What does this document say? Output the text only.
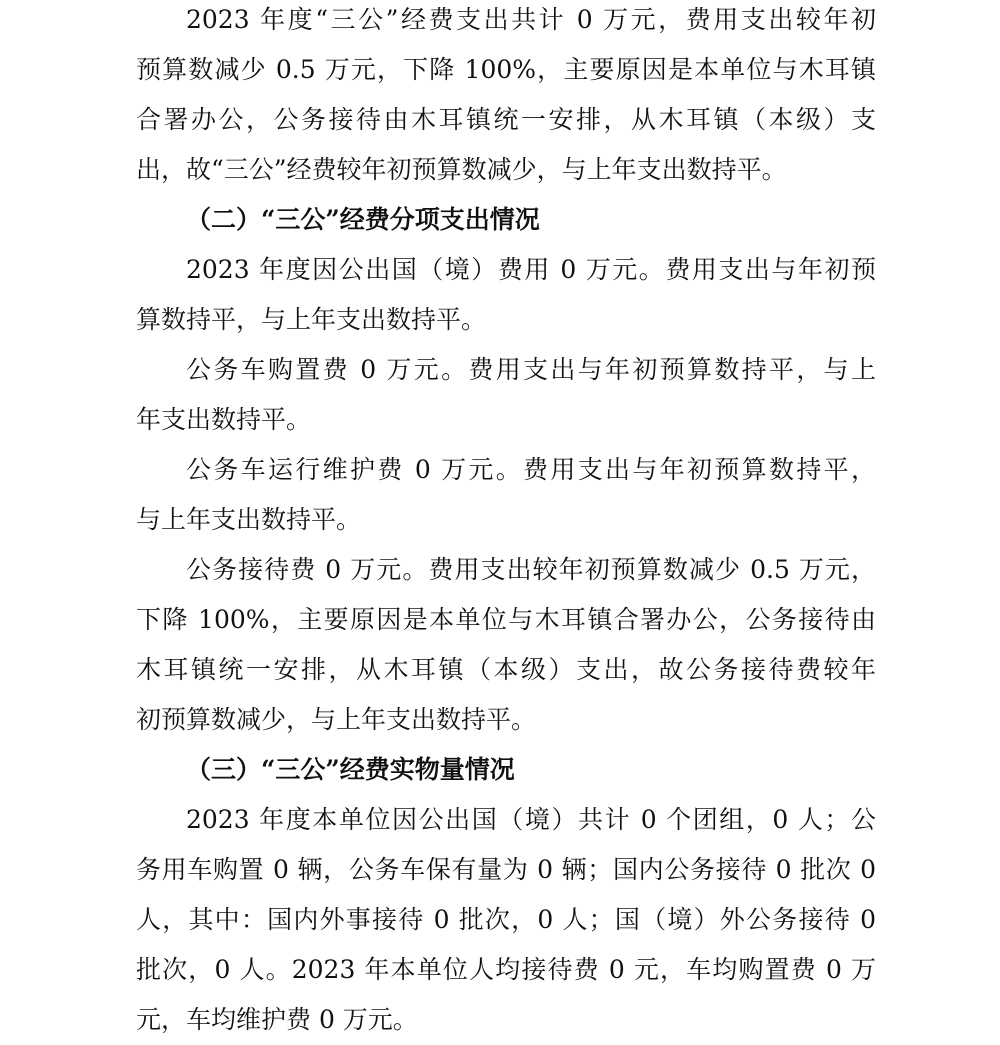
2023 年度“三公”经费支出共计 0 万元，费用支出较年初
预算数减少 0.5 万元，下降 100%，主要原因是本单位与木耳镇
合署办公，公务接待由木耳镇统一安排，从木耳镇（本级）支
出，故“三公”经费较年初预算数减少，与上年支出数持平。
（二）“三公”经费分项支出情况
2023 年度因公出国（境）费用 0 万元。费用支出与年初预
算数持平，与上年支出数持平。
公务车购置费 0 万元。费用支出与年初预算数持平，与上
年支出数持平。
公务车运行维护费 0 万元。费用支出与年初预算数持平，
与上年支出数持平。
公务接待费 0 万元。费用支出较年初预算数减少 0.5 万元，
下降 100%，主要原因是本单位与木耳镇合署办公，公务接待由
木耳镇统一安排，从木耳镇（本级）支出，故公务接待费较年
初预算数减少，与上年支出数持平。
（三）“三公”经费实物量情况
2023 年度本单位因公出国（境）共计 0 个团组，0 人；公
务用车购置 0 辆，公务车保有量为 0 辆；国内公务接待 0 批次 0
人，其中：国内外事接待 0 批次，0 人；国（境）外公务接待 0
批次，0 人。2023 年本单位人均接待费 0 元，车均购置费 0 万
元，车均维护费 0 万元。
